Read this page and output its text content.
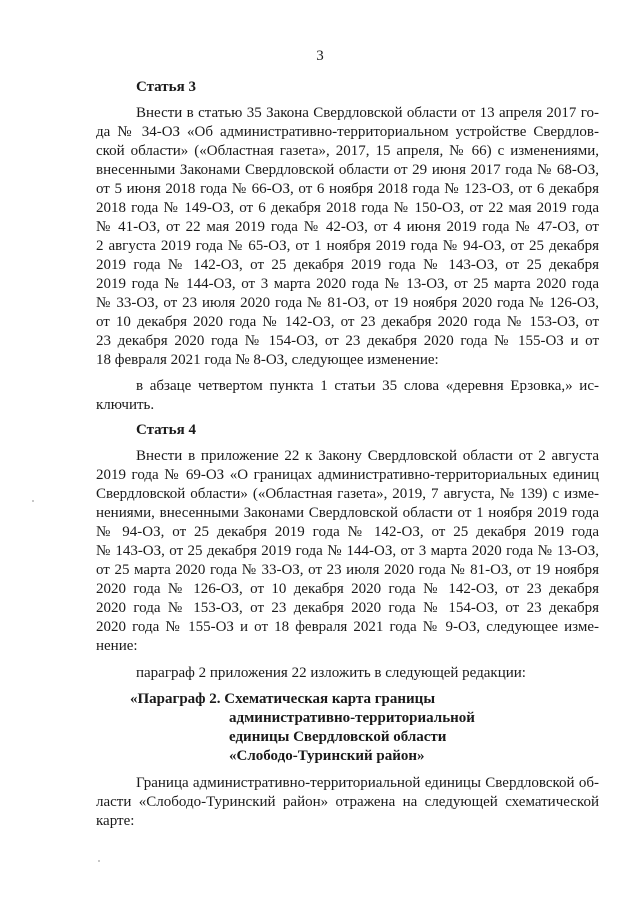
3
Статья 3
Внести в статью 35 Закона Свердловской области от 13 апреля 2017 го-
да № 34-ОЗ «Об административно-территориальном устройстве Свердлов-
ской области» («Областная газета», 2017, 15 апреля, № 66) с изменениями,
внесенными Законами Свердловской области от 29 июня 2017 года № 68-ОЗ,
от 5 июня 2018 года № 66-ОЗ, от 6 ноября 2018 года № 123-ОЗ, от 6 декабря
2018 года № 149-ОЗ, от 6 декабря 2018 года № 150-ОЗ, от 22 мая 2019 года
№ 41-ОЗ, от 22 мая 2019 года № 42-ОЗ, от 4 июня 2019 года № 47-ОЗ, от
2 августа 2019 года № 65-ОЗ, от 1 ноября 2019 года № 94-ОЗ, от 25 декабря
2019 года № 142-ОЗ, от 25 декабря 2019 года № 143-ОЗ, от 25 декабря
2019 года № 144-ОЗ, от 3 марта 2020 года № 13-ОЗ, от 25 марта 2020 года
№ 33-ОЗ, от 23 июля 2020 года № 81-ОЗ, от 19 ноября 2020 года № 126-ОЗ,
от 10 декабря 2020 года № 142-ОЗ, от 23 декабря 2020 года № 153-ОЗ, от
23 декабря 2020 года № 154-ОЗ, от 23 декабря 2020 года № 155-ОЗ и от
18 февраля 2021 года № 8-ОЗ, следующее изменение:
в абзаце четвертом пункта 1 статьи 35 слова «деревня Ерзовка,» ис-
ключить.
Статья 4
Внести в приложение 22 к Закону Свердловской области от 2 августа
2019 года № 69-ОЗ «О границах административно-территориальных единиц
Свердловской области» («Областная газета», 2019, 7 августа, № 139) с изме-
нениями, внесенными Законами Свердловской области от 1 ноября 2019 года
№ 94-ОЗ, от 25 декабря 2019 года № 142-ОЗ, от 25 декабря 2019 года
№ 143-ОЗ, от 25 декабря 2019 года № 144-ОЗ, от 3 марта 2020 года № 13-ОЗ,
от 25 марта 2020 года № 33-ОЗ, от 23 июля 2020 года № 81-ОЗ, от 19 ноября
2020 года № 126-ОЗ, от 10 декабря 2020 года № 142-ОЗ, от 23 декабря
2020 года № 153-ОЗ, от 23 декабря 2020 года № 154-ОЗ, от 23 декабря
2020 года № 155-ОЗ и от 18 февраля 2021 года № 9-ОЗ, следующее изме-
нение:
параграф 2 приложения 22 изложить в следующей редакции:
«Параграф 2. Схематическая карта границы
административно-территориальной
единицы Свердловской области
«Слободо-Туринский район»
Граница административно-территориальной единицы Свердловской об-
ласти «Слободо-Туринский район» отражена на следующей схематической
карте:
